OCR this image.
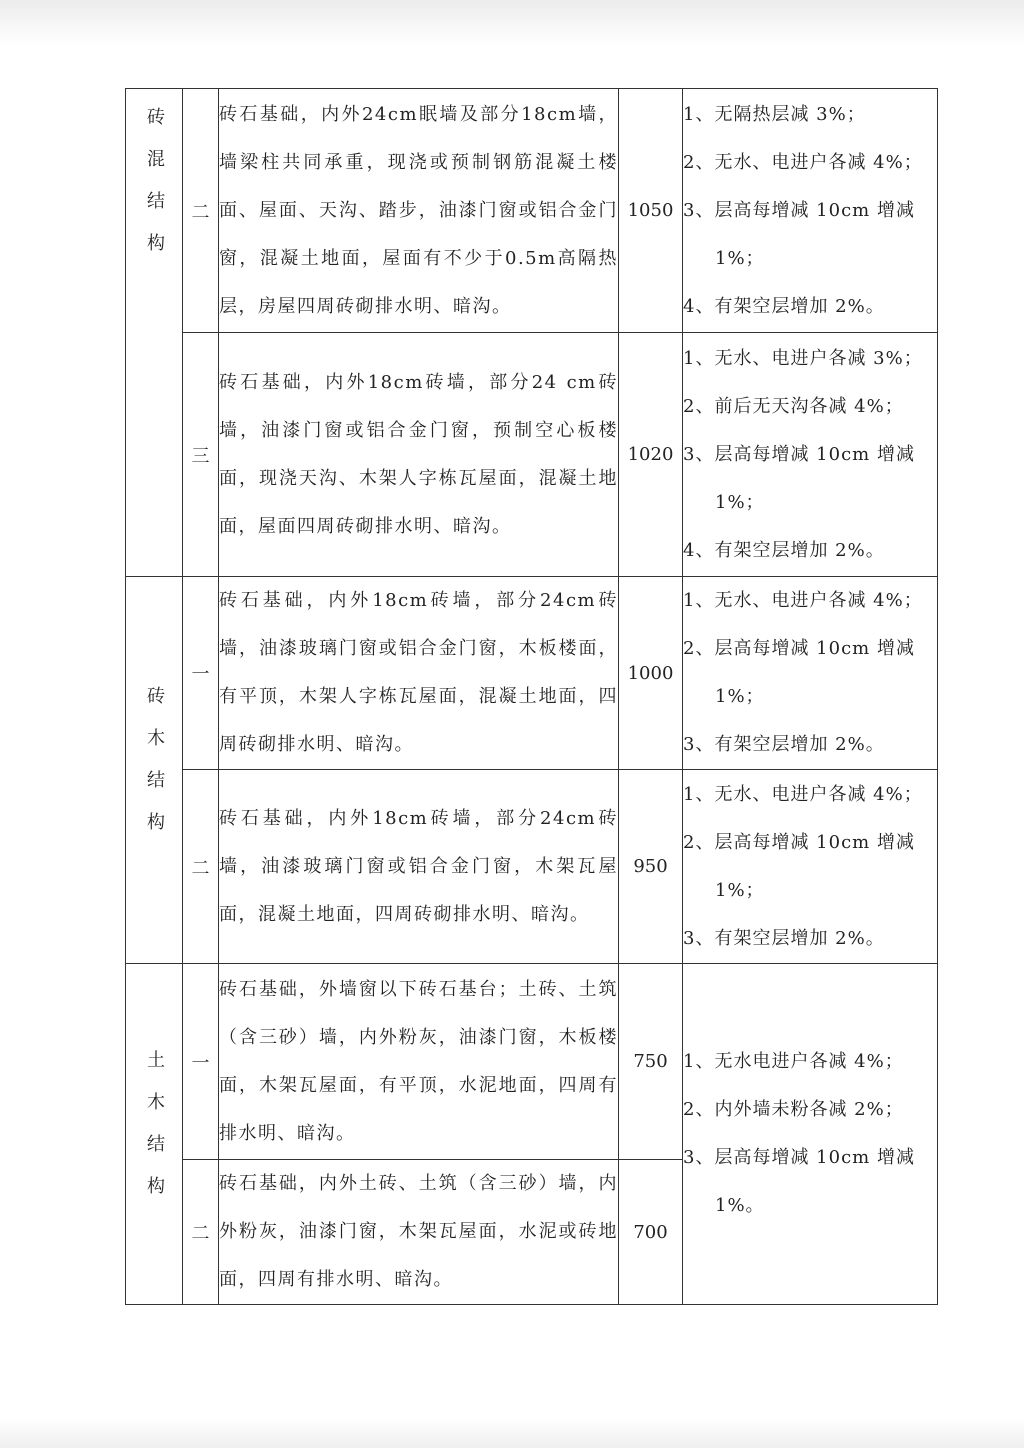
砖混结构	二	砖石基础，内外24cm眠墙及部分18cm墙，墙梁柱共同承重，现浇或预制钢筋混凝土楼面、屋面、天沟、踏步，油漆门窗或铝合金门窗，混凝土地面，屋面有不少于0.5m高隔热层，房屋四周砖砌排水明、暗沟。	1050	1、无隔热层减 3%；
2、无水、电进户各减 4%；
3、层高每增减 10cm 增减
1%；
4、有架空层增加 2%。

	三	砖石基础，内外18cm砖墙，部分24 cm砖墙，油漆门窗或铝合金门窗，预制空心板楼面，现浇天沟、木架人字栋瓦屋面，混凝土地面，屋面四周砖砌排水明、暗沟。	1020	1、无水、电进户各减 3%；
2、前后无天沟各减 4%；
3、层高每增减 10cm 增减
1%；
4、有架空层增加 2%。

砖木结构	一	砖石基础，内外18cm砖墙，部分24cm砖墙，油漆玻璃门窗或铝合金门窗，木板楼面，有平顶，木架人字栋瓦屋面，混凝土地面，四周砖砌排水明、暗沟。	1000	1、无水、电进户各减 4%；
2、层高每增减 10cm 增减
1%；
3、有架空层增加 2%。

	二	砖石基础，内外18cm砖墙，部分24cm砖墙，油漆玻璃门窗或铝合金门窗，木架瓦屋面，混凝土地面，四周砖砌排水明、暗沟。	950	1、无水、电进户各减 4%；
2、层高每增减 10cm 增减
1%；
3、有架空层增加 2%。

土木结构	一	砖石基础，外墙窗以下砖石基台；土砖、土筑（含三砂）墙，内外粉灰，油漆门窗，木板楼面，木架瓦屋面，有平顶，水泥地面，四周有排水明、暗沟。	750	1、无水电进户各减 4%；
2、内外墙未粉各减 2%；
3、层高每增减 10cm 增减
1%。

	二	砖石基础，内外土砖、土筑（含三砂）墙，内外粉灰，油漆门窗，木架瓦屋面，水泥或砖地面，四周有排水明、暗沟。	700	
